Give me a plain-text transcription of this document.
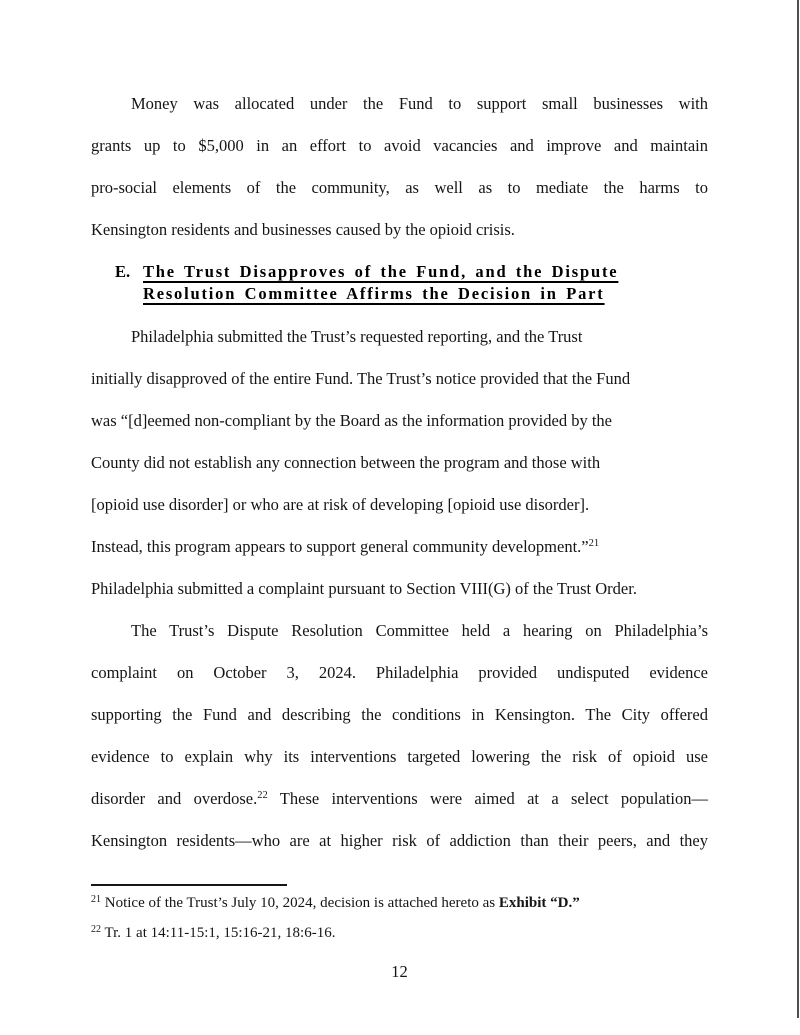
Money was allocated under the Fund to support small businesses with
grants up to $5,000 in an effort to avoid vacancies and improve and maintain
pro-social elements of the community, as well as to mediate the harms to
Kensington residents and businesses caused by the opioid crisis.
E. The Trust Disapproves of the Fund, and the Dispute
Resolution Committee Affirms the Decision in Part
Philadelphia submitted the Trust’s requested reporting, and the Trust
initially disapproved of the entire Fund. The Trust’s notice provided that the Fund
was “[d]eemed non-compliant by the Board as the information provided by the
County did not establish any connection between the program and those with
[opioid use disorder] or who are at risk of developing [opioid use disorder].
Instead, this program appears to support general community development.”$^{21}$
Philadelphia submitted a complaint pursuant to Section VIII(G) of the Trust Order.
The Trust’s Dispute Resolution Committee held a hearing on Philadelphia’s
complaint on October 3, 2024. Philadelphia provided undisputed evidence
supporting the Fund and describing the conditions in Kensington. The City offered
evidence to explain why its interventions targeted lowering the risk of opioid use
disorder and overdose.$^{22}$ These interventions were aimed at a select population—
Kensington residents—who are at higher risk of addiction than their peers, and they
$^{21}$ Notice of the Trust’s July 10, 2024, decision is attached hereto as Exhibit “D.”
$^{22}$ Tr. 1 at 14:11-15:1, 15:16-21, 18:6-16.
12
